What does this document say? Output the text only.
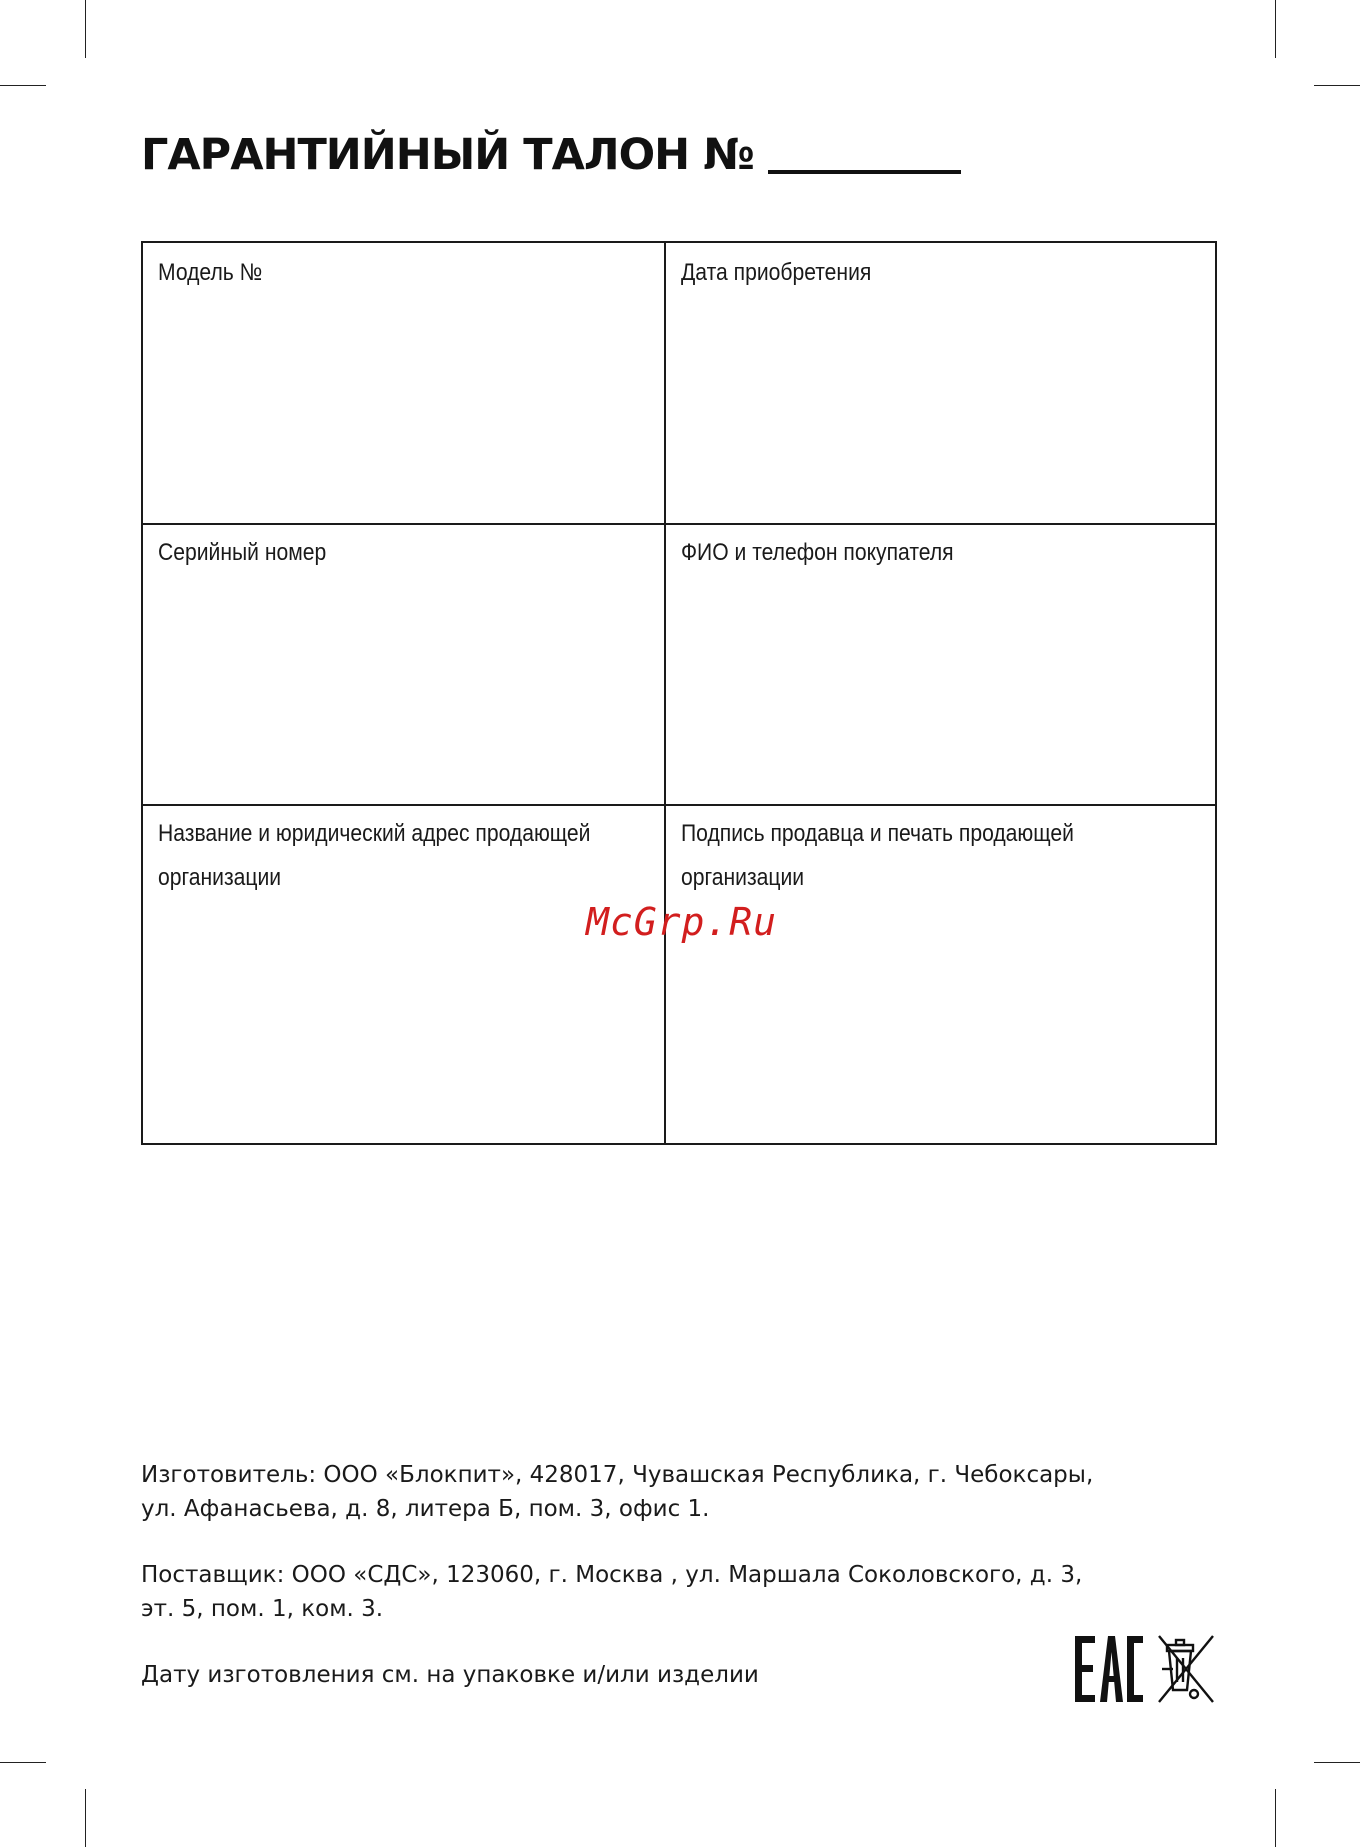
ГАРАНТИЙНЫЙ ТАЛОН №
Модель №	Дата приобретения
Серийный номер	ФИО и телефон покупателя
Название и юридический адрес продающей
организации
Подпись продавца и печать продающей
организации
McGrp.Ru

Изготовитель: ООО «Блокпит», 428017, Чувашская Республика, г. Чебоксары,
ул. Афанасьева, д. 8, литера Б, пом. 3, офис 1.

Поставщик: ООО «СДС», 123060, г. Москва , ул. Маршала Соколовского, д. 3,
эт. 5, пом. 1, ком. 3.

Дату изготовления см. на упаковке и/или изделии
